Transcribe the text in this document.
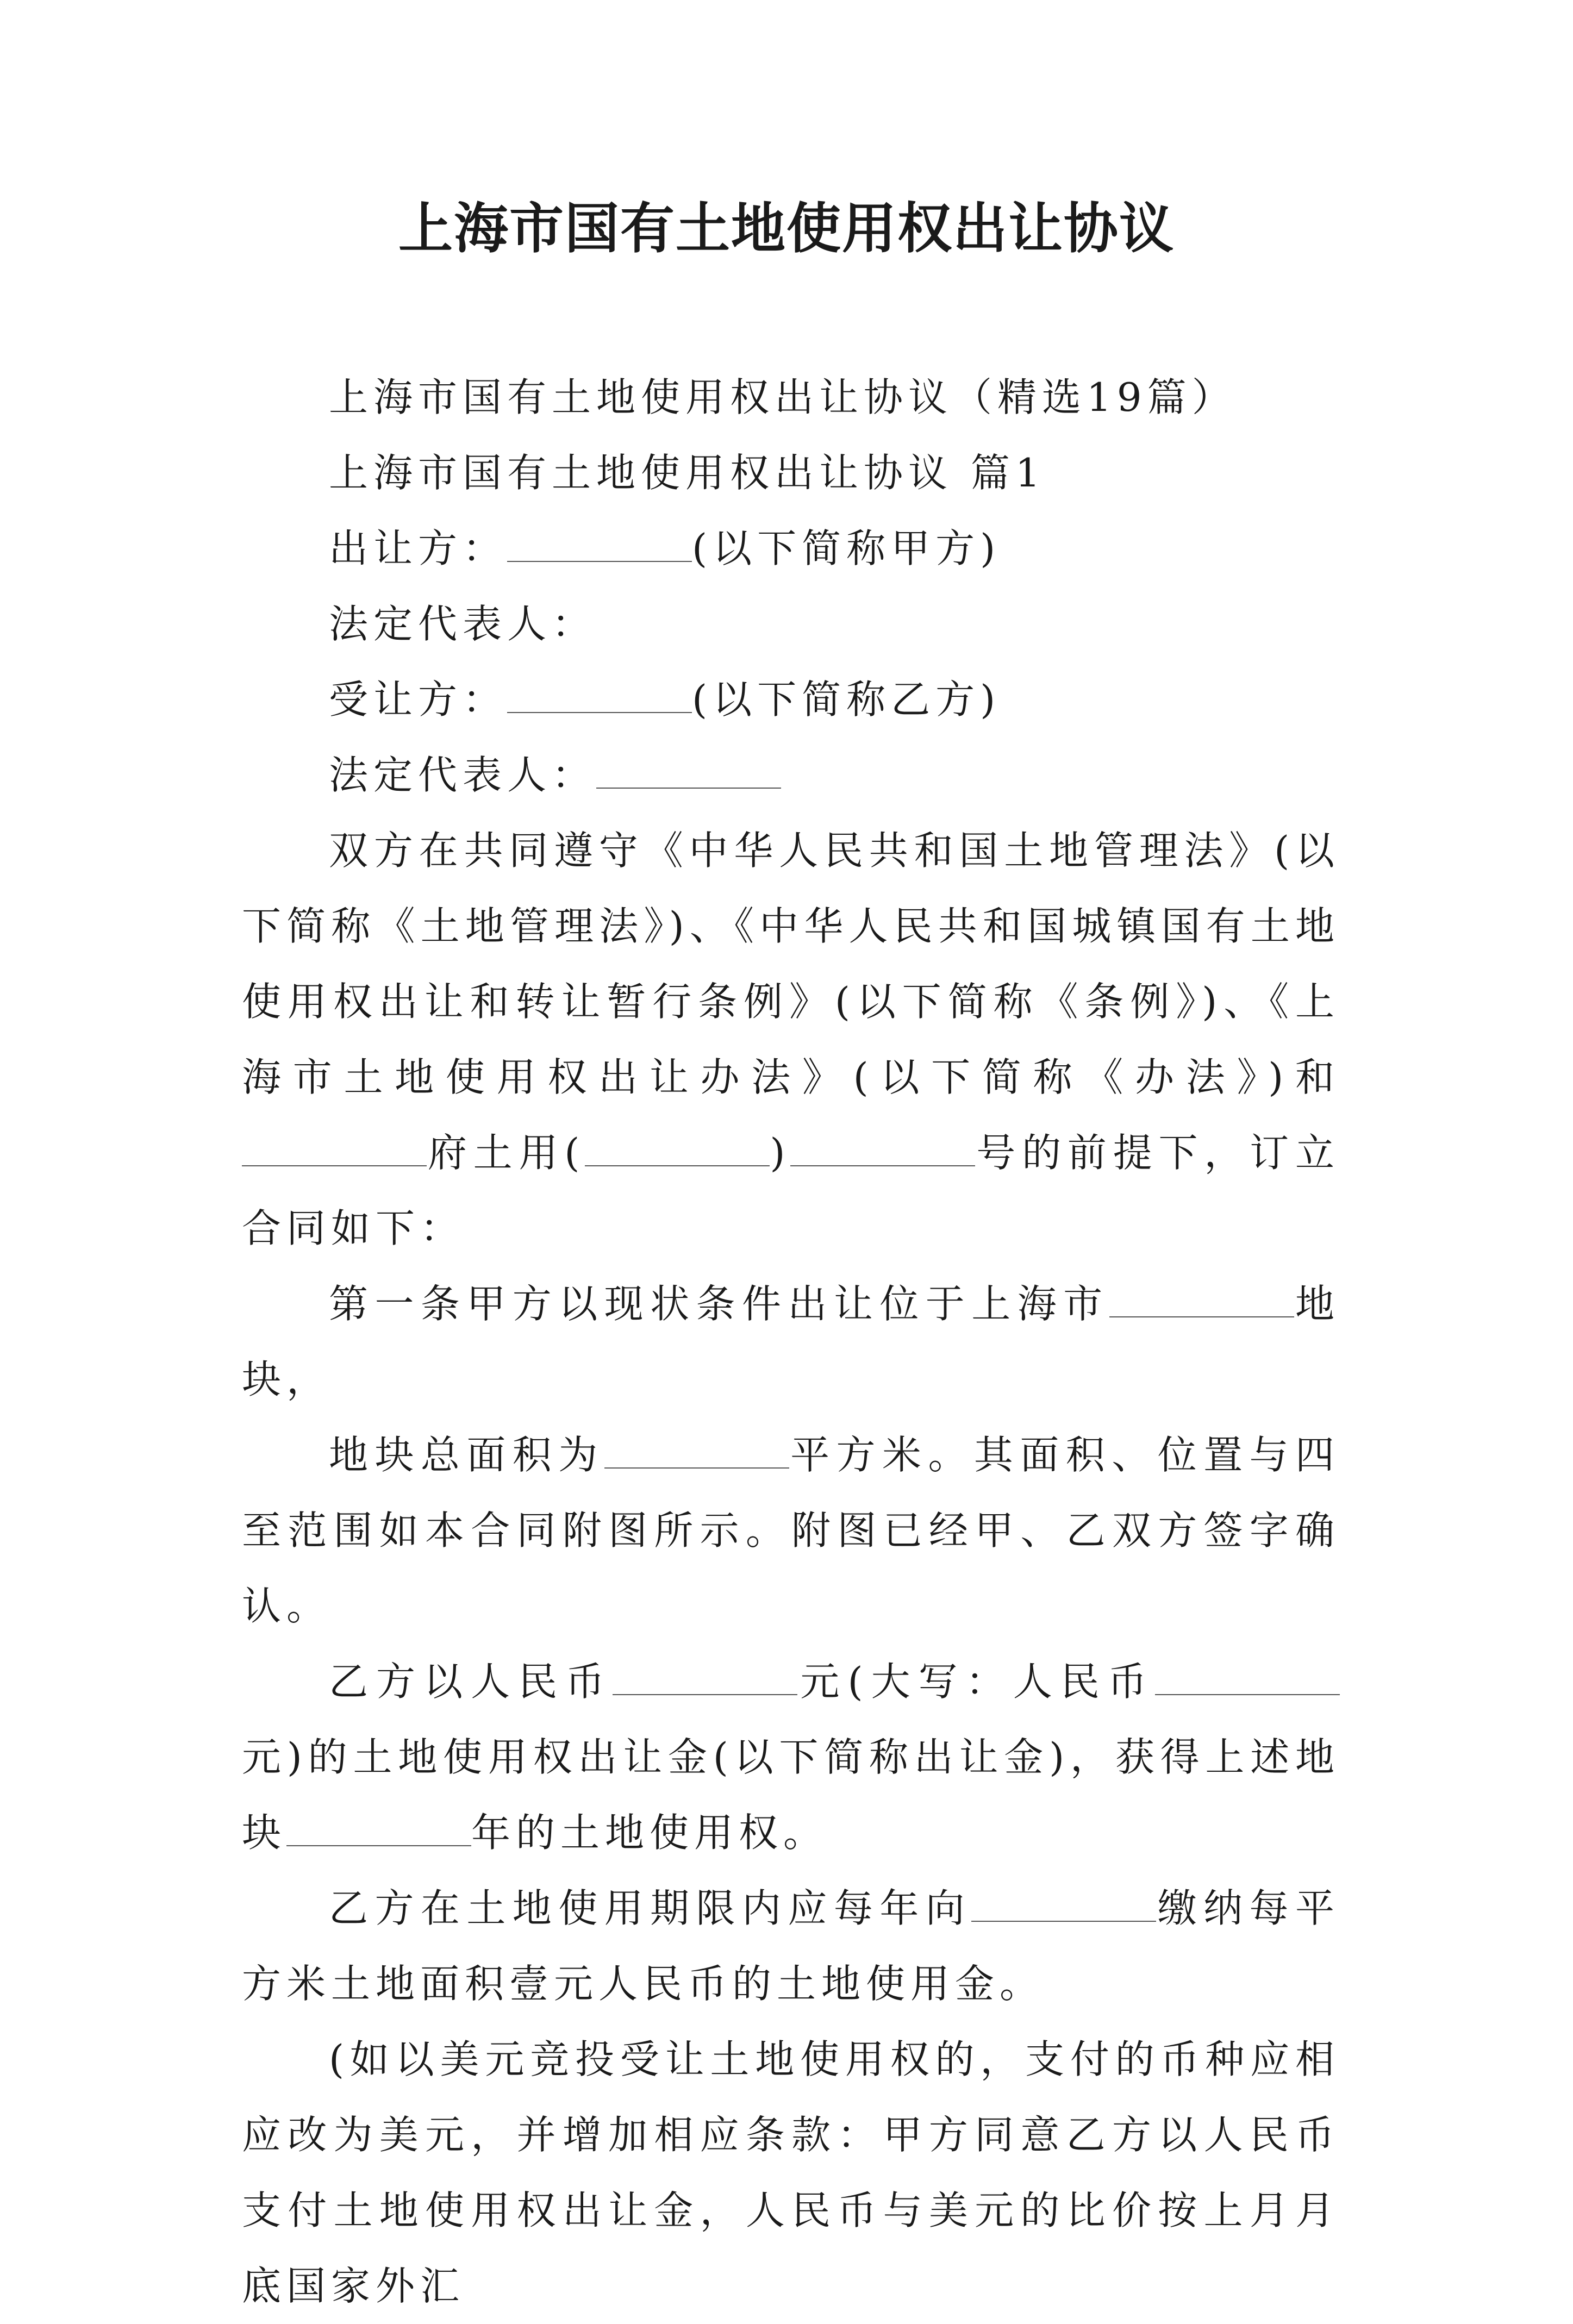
上海市国有土地使用权出让协议

上海市国有土地使用权出让协议（精选19篇）

上海市国有土地使用权出让协议 篇1

出让方：	(以下简称甲方)

法定代表人：

受让方：	(以下简称乙方)

法定代表人：

双方在共同遵守《中华人民共和国土地管理法》(以下简称《土地管理法》)、《中华人民共和国城镇国有土地使用权出让和转让暂行条例》(以下简称《条例》)、《上海市土地使用权出让办法》(以下简称《办法》)和府土用(	)	号的前提下，订立合同如下：

第一条甲方以现状条件出让位于上海市	地块，

地块总面积为	平方米。其面积、位置与四至范围如本合同附图所示。附图已经甲、乙双方签字确认。

乙方以人民币	元(大写：人民币元)的土地使用权出让金(以下简称出让金)，获得上述地块	年的土地使用权。

乙方在土地使用期限内应每年向	缴纳每平方米土地面积壹元人民币的土地使用金。

(如以美元竞投受让土地使用权的，支付的币种应相应改为美元，并增加相应条款：甲方同意乙方以人民币支付土地使用权出让金，人民币与美元的比价按上月月底国家外汇
